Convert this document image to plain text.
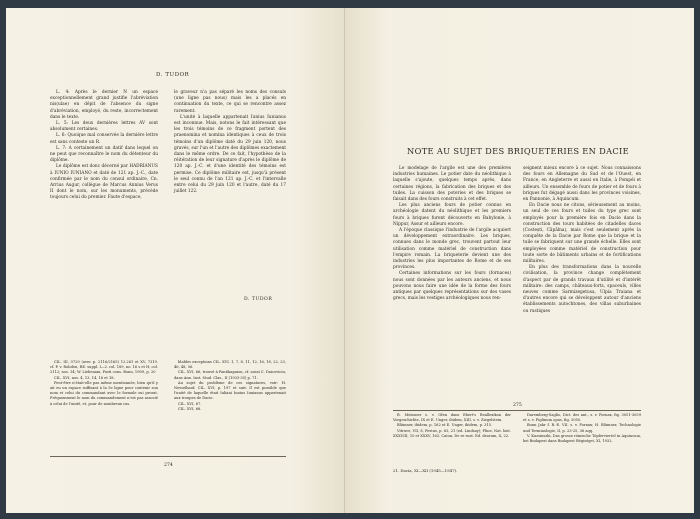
D. TUDOR

L. 4: Après le dernier N un espace exceptionnellement grand justifie l'abréviation nis(ulae) en dépit de l'absence du signe d'abréviation, employé, du reste, incorrectement dans le texte.

L. 5: Les deux dernières lettres AV sont absolument certaines.

L. 6: Quoique mal conservée la dernière lettre est sans conteste un R.

L. 7: A certainement un datif dans lequel on ne peut que reconnaître le nom du détenteur du diplôme.

Le diplôme est donc décerné par HADRIANUS à IUNIO IUNIANO et daté de 121 ap. J.-C., date confirmée par le nom du consul ordinaire, Cn. Arrius Augur, collègue de Marcus Annius Verus II dont le nom, sur les monuments, précède toujours celui du premier. Faute d'espace,

le graveur n'a pas séparé les noms des consuls (une ligne pas nous) mais les a placés en continuation du texte, ce qui se rencontre assez rarement.

L'unité à laquelle appartenait Iunius Iunianus est inconnue. Mais, notons le fait intéressant que les trois témoins de ce fragment portent des praenomina et nomina identiques à ceux de trois témoins d'un diplôme daté du 29 juin 120, nous gravés, sur l'un et l'autre des diplômes exactement dans le même ordre. De ce fait, l'hypothèse de la réitération de leur signature d'après le diplôme de 120 ap. J.-C. et d'une identité des témoins est permise. Ce diplôme militaire est, jusqu'à présent le seul connu de l'an 121 ap. J.-C. et l'intervalle entre celui du 29 juin 120 et l'autre, daté du 17 juillet 122.

D. TUDOR

CIL. III, 9729 (avec p. 2116/2165) 12.261 et XV, 7319. cf. P. v. Rohden, RE. suppl. I—2. col. 189, no. 16 s et H, col. 2112; nos. 34; W. Liebenam, Fasti cons. Bonn, 1909, p. 20

CIL. XVI, nos. 4, 13, 14, 16 et 18.

Peut-être n'était-elle pas même mentionnée, bien qu'il y ait eu un espace suffisant à la 5e ligne pour contenir son nom et celui du commandant avec le formule sui prorat. Fréquemment le nom du commandement n'est pas associé à celui de l'unité, et, pour de nombreux cas.

blables exceptions CIL. XVI, 1, 7, 8, 11, 12, 16, 18, 22, 23, 46, 48, 56.

CIL. XVI, 66, trouvé à Pantikapaion, cf. aussi C. Daicoviciu, dans Ann. Inst. Stud. Clas., II (1933-35) p. 71.

Au sujet du problème de ces signatures, voir: H. Nesselhauf, CIL. XVI, p. 197 et suiv. Il est possible que l'unité de laquelle était Iuliani Iunius Iunianus appartenait aux troupes de Dacie.

CIL. XVI, 67.

CIL. XVI, 68.

274
NOTE AU SUJET DES BRIQUETERIES EN DACIE

Le modelage de l'argile est une des premières industries humaines. Le potier date du néolithique à laquelle s'ajoute, quelques temps après, dans certaines régions, la fabrication des briques et des tuiles. La cuisson des poteries et des briques se faisait dans des fours construits à cet effet.

Les plus anciens fours de potier connus en archéologie datent du néolithique et les premiers fours à briques furent découverts en Babylonie, à Nippur, Assur et ailleurs encore.

A l'époque classique l'industrie de l'argile acquiert un développement extraordinaire. Les briques, connues dans le monde grec, trouvent partout leur utilisation comme matériel de construction dans l'empire romain. La briqueterie devient une des industries les plus importantes de Rome et de ses provinces.

Certaines informations sur les fours (fornaces) nous sont données par les auteurs anciens, et nous pouvons nous faire une idée de la forme des fours antiques par quelques représentations sur des vases grecs, mais les vestiges archéologiques nous ren-

seignent mieux encore à ce sujet. Nous connaissons des fours en Allemagne du Sud et de l'Ouest, en France, en Angleterre et aussi en Italie, à Pompéi et ailleurs. Un ensemble de fours de potier et de fours à briques fut dégagé aussi dans les provinces voisines, en Pannonie, à Aquincum.

En Dacie nous ne citons, sérieusement au moins, un seul de ces fours et tuiles du type grec sont employés pour la première fois en Dacie dans la construction des tours habitées de citadelles daces (Costești, Căpâlna), mais c'est seulement après la conquête de la Dacie par Rome que la brique et la tuile se fabriquent sur une grande échelle. Elles sont employées comme matériel de construction pour toute sorte de bâtiments urbains et de fortifications militaires.

En plus des transformations dans la nouvelle civilisation, la province change complètement d'aspect par de grands travaux d'utilité et d'intérêt militaire: des camps, châteaux-forts, spaceuls, villes neuves comme Sarmizegetusa, Ulpia Traiana et d'autres encore qui se développent autour d'anciens établissements autochtones, des villas suburbaines ou rustiques

R. Meissner s. v. Ofen dans Ebert's Reallexikon der Vorgeschichte, IX et E. Unger, ibidem, XIII, s. v. Ziegelstein.

Blümner, ibidem, p. 162 et E. Unger, ibidem, p. 315.

Vitruve, VII, 8, Festus, p. 83, 21 (ed. Lindsay); Pline, Nat. hist. XXXVIII, 10 et XXXV, 163. Caton, De re rust. Ed. deorum, X, 22.

Daremberg-Saglio, Dict. des ant., s. v. Fornax, fig. 3051-3059 et s. v. Figlinum opus, fig. 3050.

Bonn Jahr f. R.-E. VII, s. v. Fornax; H. Blümner, Technologie und Terminologie, II, p. 23-25, 36 aqq.

V. Kuzsinszki, Das grosse römische Töpferviertel in Aquincum, bei Budapest dans Budapest Régiségei, XI, 1932.

275
21. Dacia, XI—XII (1945—1947).
